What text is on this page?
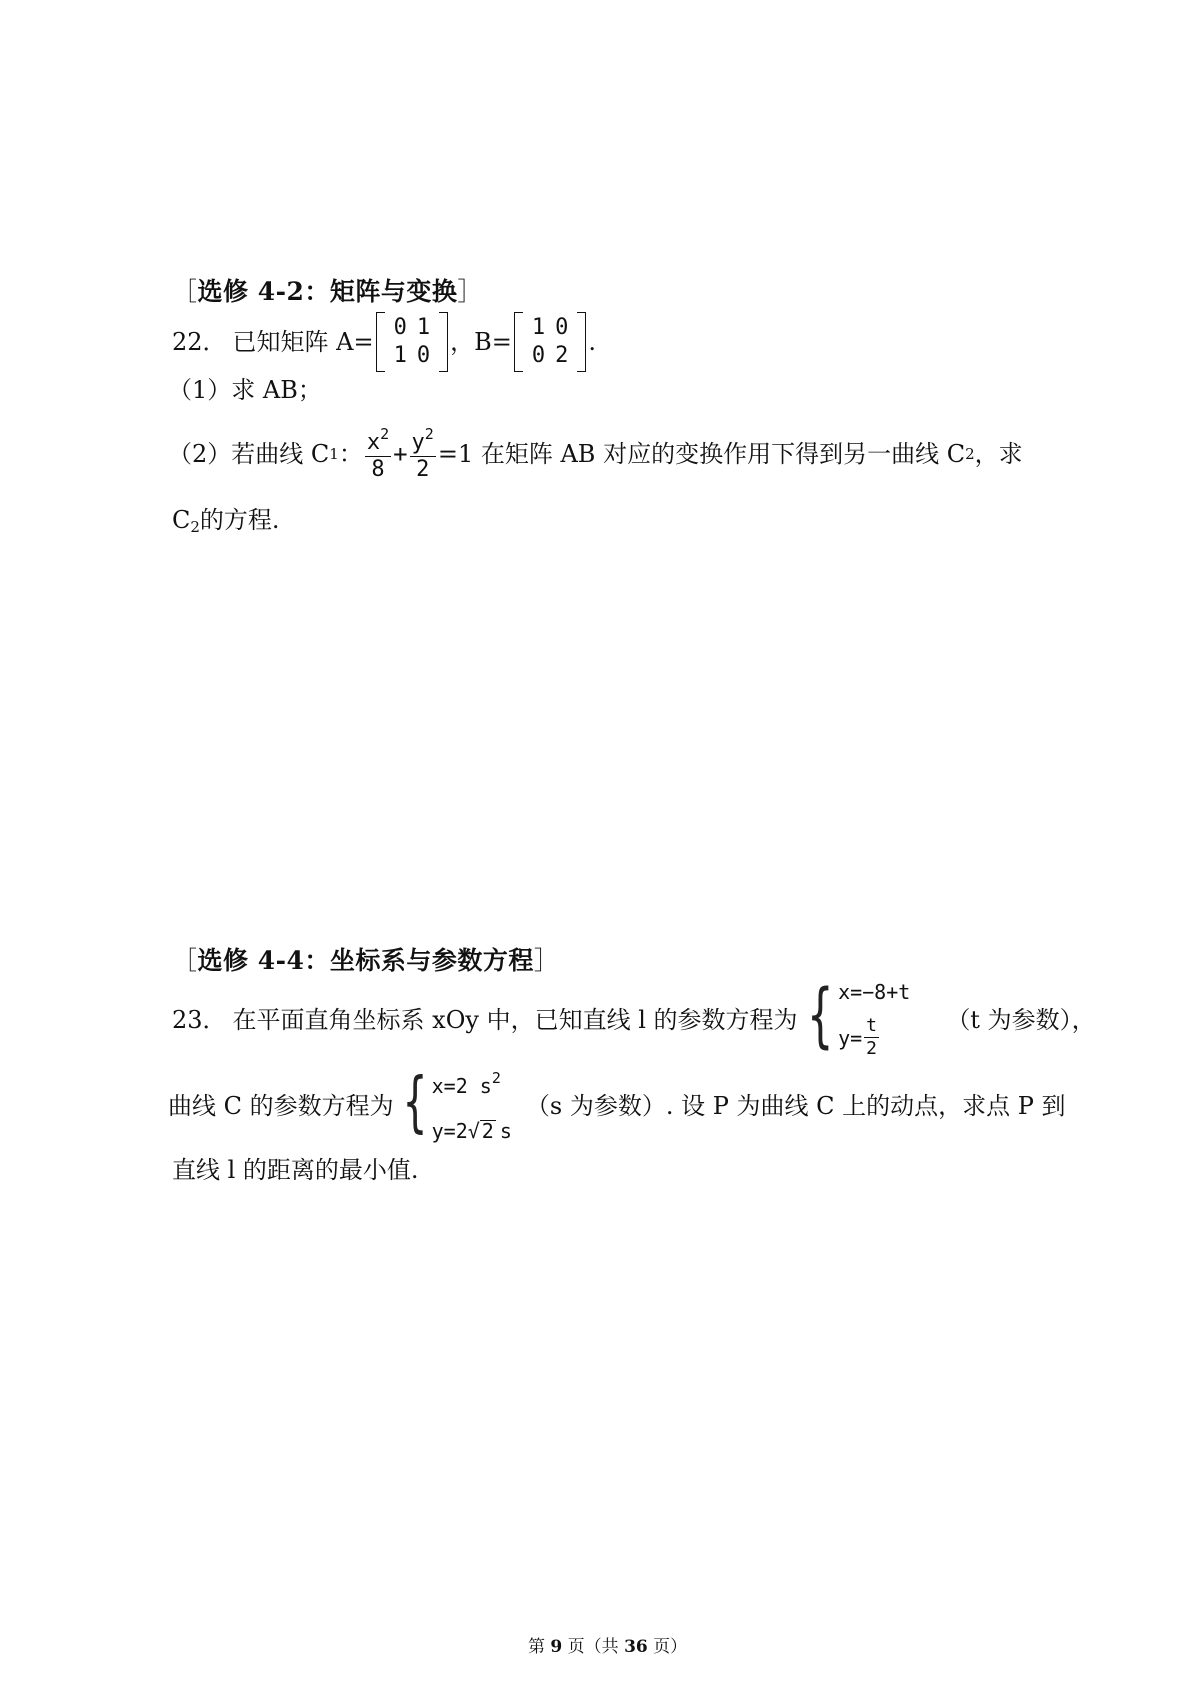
［选修 4-2：矩阵与变换］
22． 已知矩阵 A=
0	1
1	0 ，B=
1	0
0	2 .
（1）求 AB；
（2）若曲线 C 1 ： $\frac{x^2}{8} + \frac{y^2}{2} =1$ 在矩阵 AB 对应的变换作用下得到另一曲线 C 2 ，求
$C_2$的方程.
［选修 4-4：坐标系与参数方程］
23． 在平面直角坐标系 xOy 中，已知直线 l 的参数方程为 { x=−8+t
$y= \frac{t}{2}$	（t 为参数），
曲线 C 的参数方程为 { x=2 $s^2$
y=2 √ 2 s
（s 为参数）. 设 P 为曲线 C 上的动点，求点 P 到
直线 l 的距离的最小值.
第 9 页（共 36 页）
